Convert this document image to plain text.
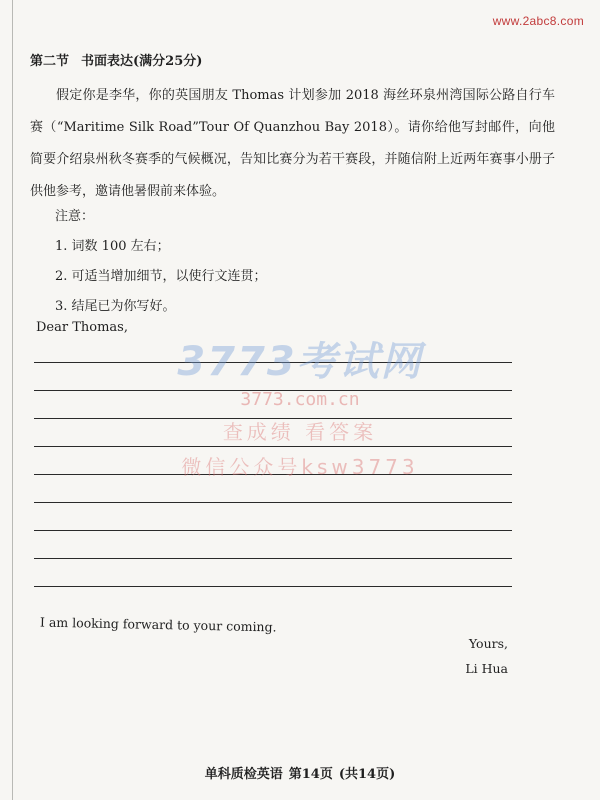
www.2abc8.com
第二节 书面表达(满分25分)

假定你是李华，你的英国朋友 Thomas 计划参加 2018 海丝环泉州湾国际公路自行车赛（“Maritime Silk Road”Tour Of Quanzhou Bay 2018）。请你给他写封邮件，向他简要介绍泉州秋冬赛季的气候概况，告知比赛分为若干赛段，并随信附上近两年赛事小册子供他参考，邀请他暑假前来体验。

注意：
1. 词数 100 左右；
2. 可适当增加细节，以使行文连贯；
3. 结尾已为你写好。
Dear Thomas,
3773考试网
3773.com.cn
查成绩 看答案
微信公众号ksw3773
I am looking forward to your coming.
Yours,
Li Hua
单科质检英语 第14页 (共14页)
